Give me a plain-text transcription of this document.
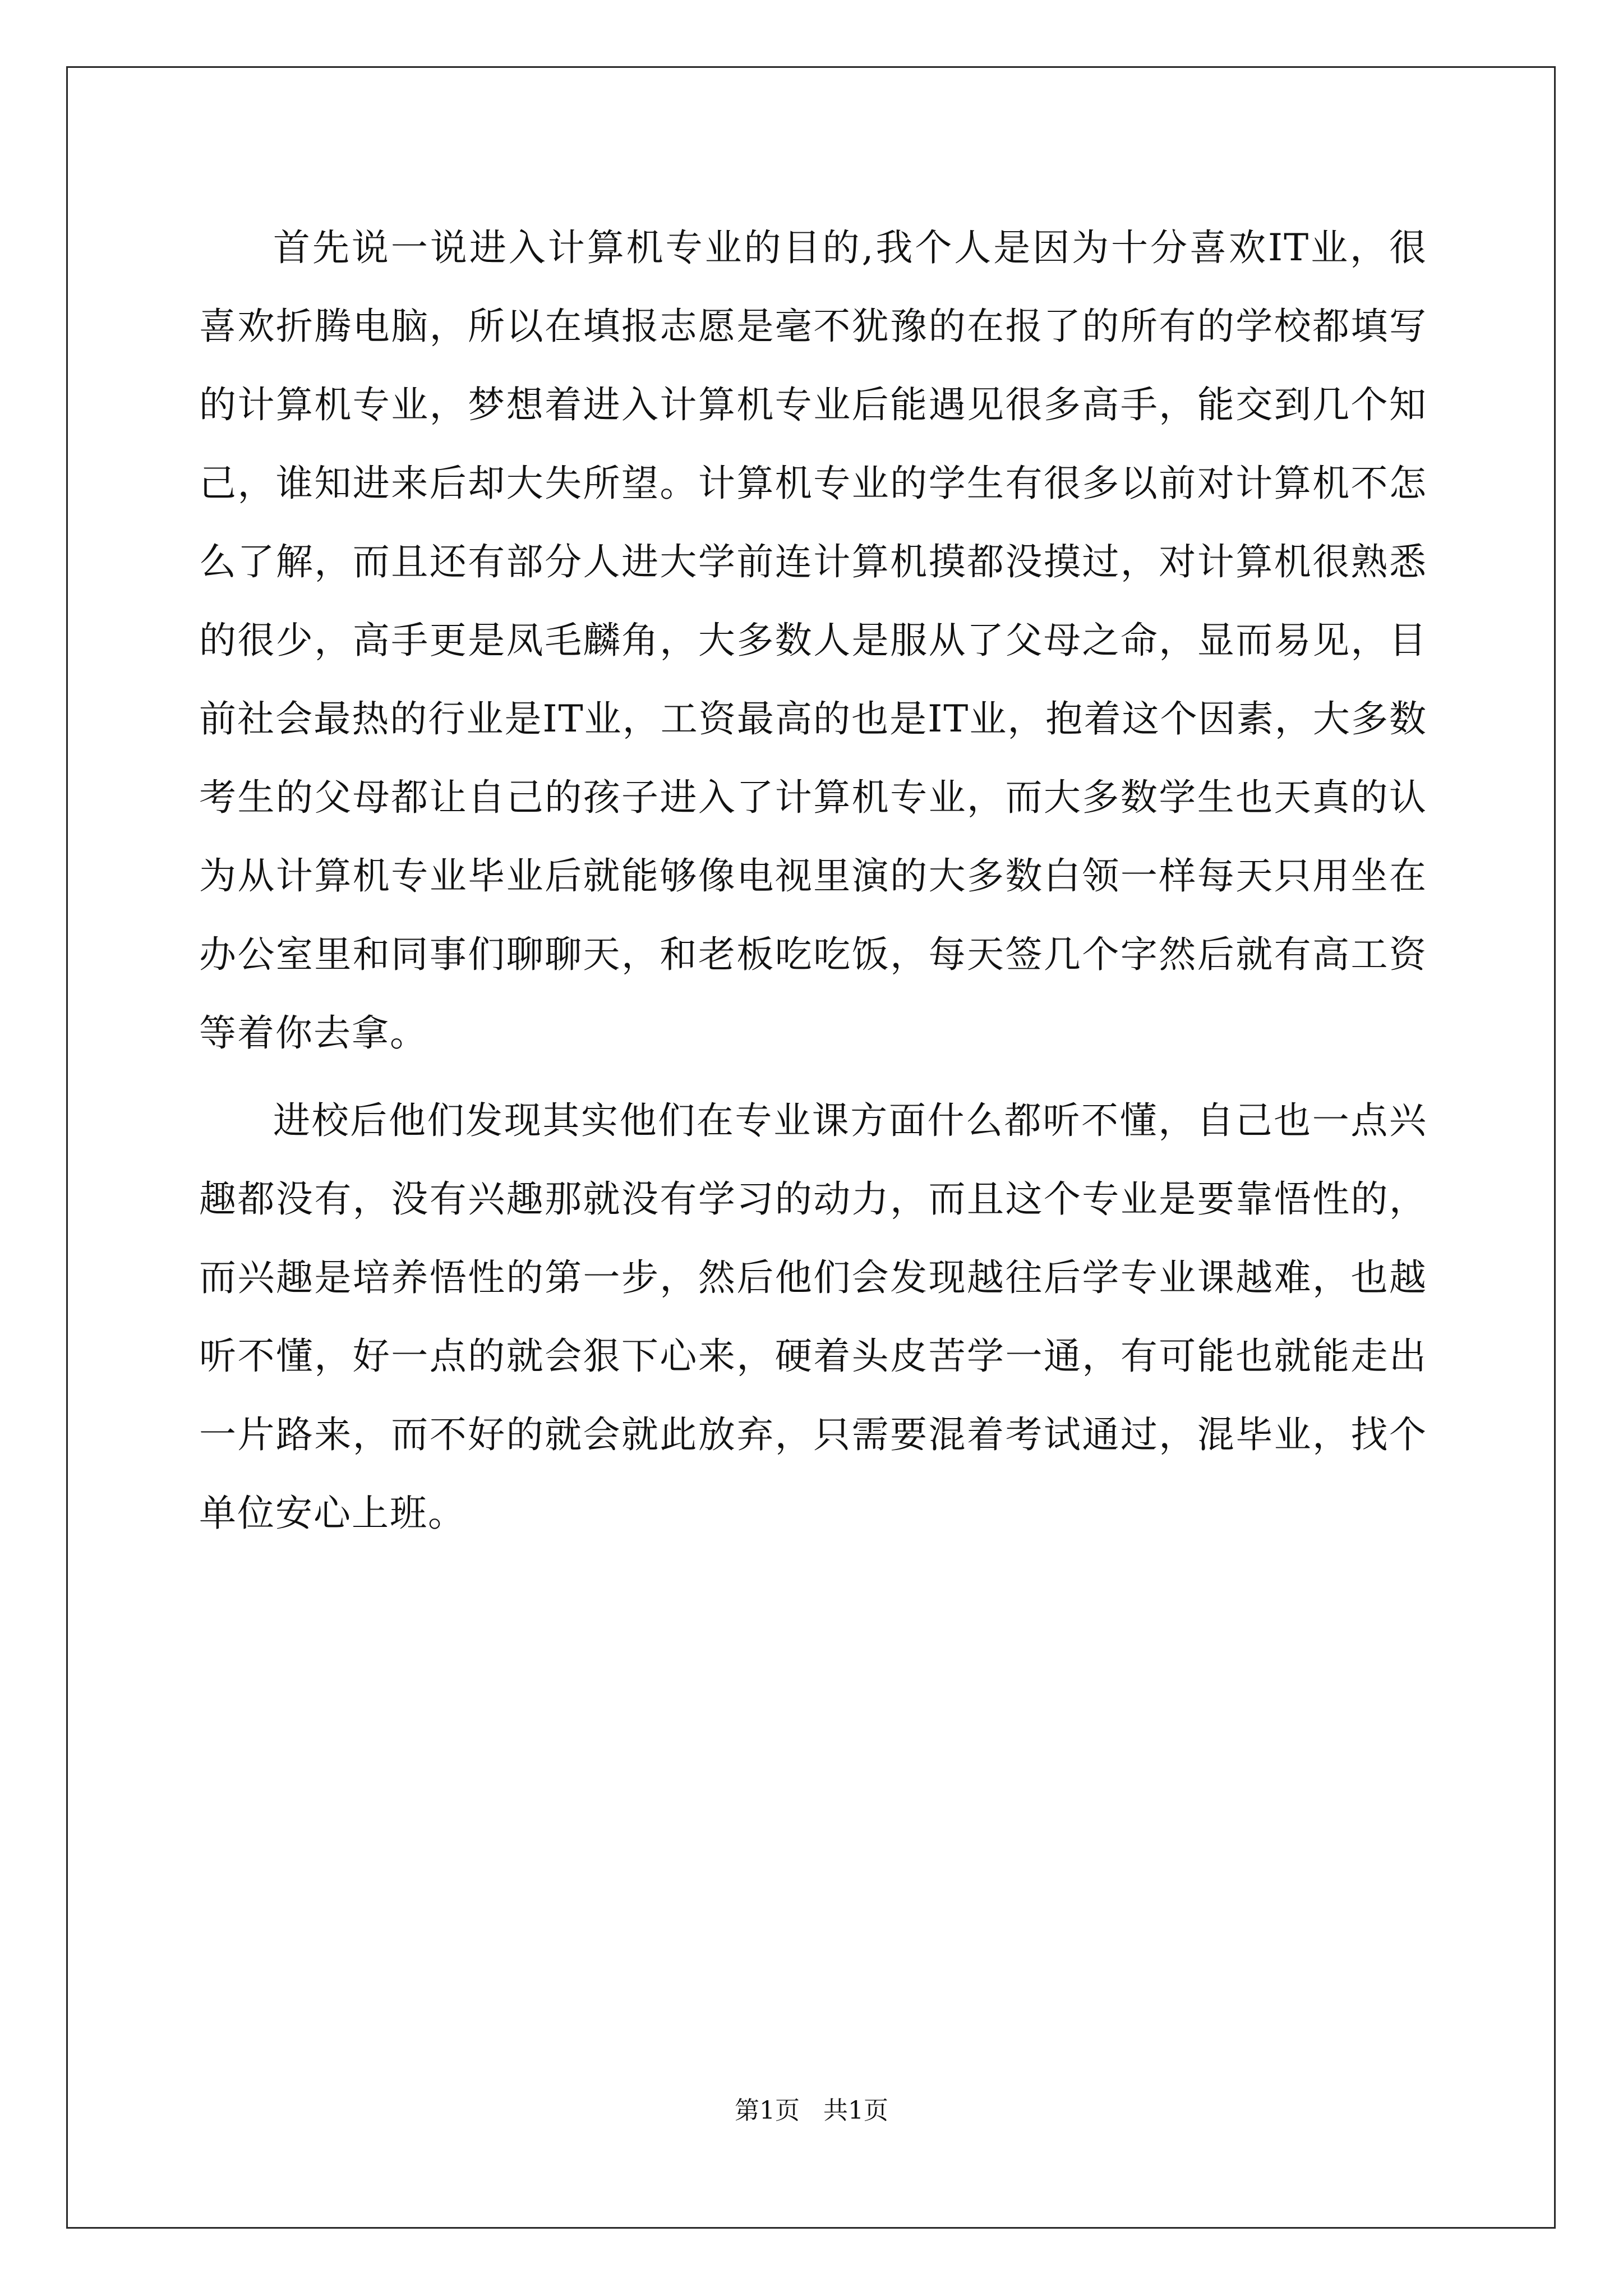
首先说一说进入计算机专业的目的,我个人是因为十分喜欢IT业，很喜欢折腾电脑，所以在填报志愿是毫不犹豫的在报了的所有的学校都填写的计算机专业，梦想着进入计算机专业后能遇见很多高手，能交到几个知己，谁知进来后却大失所望。计算机专业的学生有很多以前对计算机不怎么了解，而且还有部分人进大学前连计算机摸都没摸过，对计算机很熟悉的很少，高手更是凤毛麟角，大多数人是服从了父母之命，显而易见，目前社会最热的行业是IT业，工资最高的也是IT业，抱着这个因素，大多数考生的父母都让自己的孩子进入了计算机专业，而大多数学生也天真的认为从计算机专业毕业后就能够像电视里演的大多数白领一样每天只用坐在办公室里和同事们聊聊天，和老板吃吃饭，每天签几个字然后就有高工资等着你去拿。

进校后他们发现其实他们在专业课方面什么都听不懂，自己也一点兴趣都没有，没有兴趣那就没有学习的动力，而且这个专业是要靠悟性的，而兴趣是培养悟性的第一步，然后他们会发现越往后学专业课越难，也越听不懂，好一点的就会狠下心来，硬着头皮苦学一通，有可能也就能走出一片路来，而不好的就会就此放弃，只需要混着考试通过，混毕业，找个单位安心上班。

第1页   共1页
